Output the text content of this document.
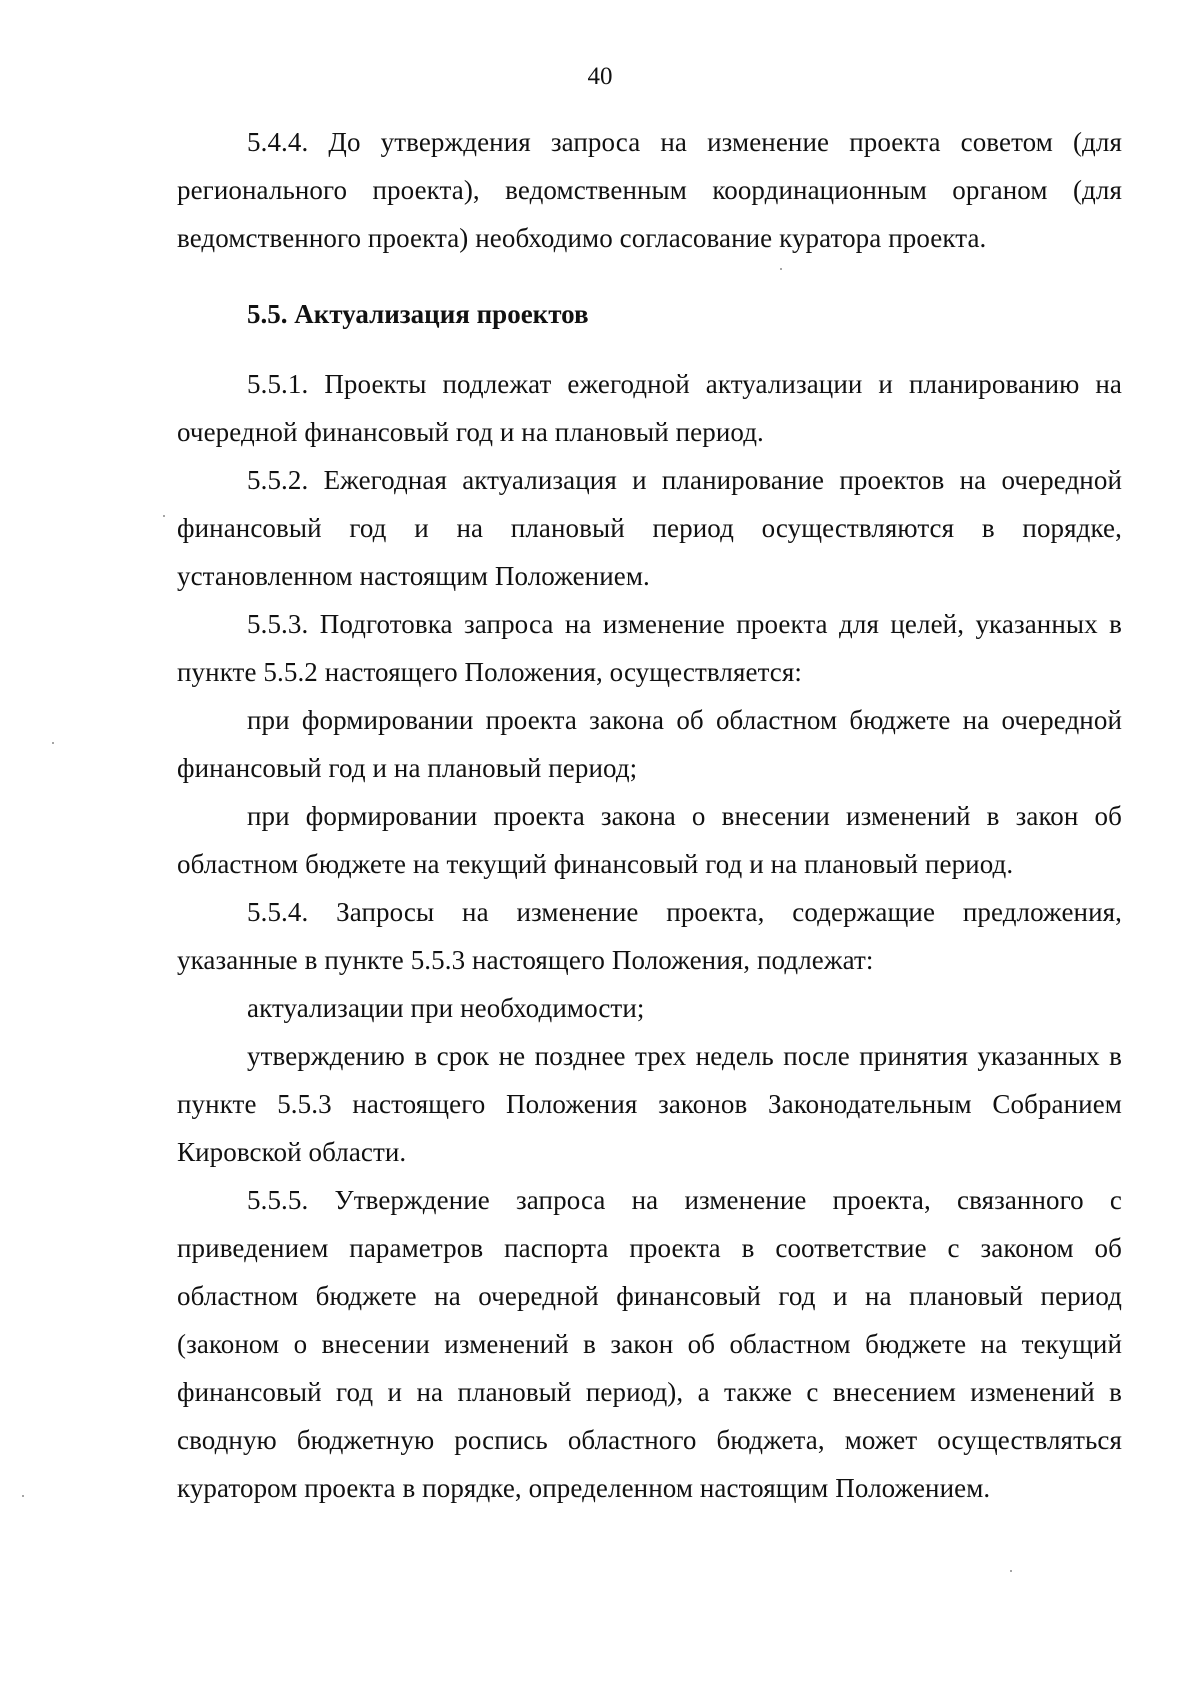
40

5.4.4. До утверждения запроса на изменение проекта советом (для регионального проекта), ведомственным координационным органом (для ведомственного проекта) необходимо согласование куратора проекта.

5.5. Актуализация проектов

5.5.1. Проекты подлежат ежегодной актуализации и планированию на очередной финансовый год и на плановый период.

5.5.2. Ежегодная актуализация и планирование проектов на очередной финансовый год и на плановый период осуществляются в порядке, установленном настоящим Положением.

5.5.3. Подготовка запроса на изменение проекта для целей, указанных в пункте 5.5.2 настоящего Положения, осуществляется:

при формировании проекта закона об областном бюджете на очередной финансовый год и на плановый период;

при формировании проекта закона о внесении изменений в закон об областном бюджете на текущий финансовый год и на плановый период.

5.5.4. Запросы на изменение проекта, содержащие предложения, указанные в пункте 5.5.3 настоящего Положения, подлежат:

актуализации при необходимости;

утверждению в срок не позднее трех недель после принятия указанных в пункте 5.5.3 настоящего Положения законов Законодательным Собранием Кировской области.

5.5.5. Утверждение запроса на изменение проекта, связанного с приведением параметров паспорта проекта в соответствие с законом об областном бюджете на очередной финансовый год и на плановый период (законом о внесении изменений в закон об областном бюджете на текущий финансовый год и на плановый период), а также с внесением изменений в сводную бюджетную роспись областного бюджета, может осуществляться куратором проекта в порядке, определенном настоящим Положением.
